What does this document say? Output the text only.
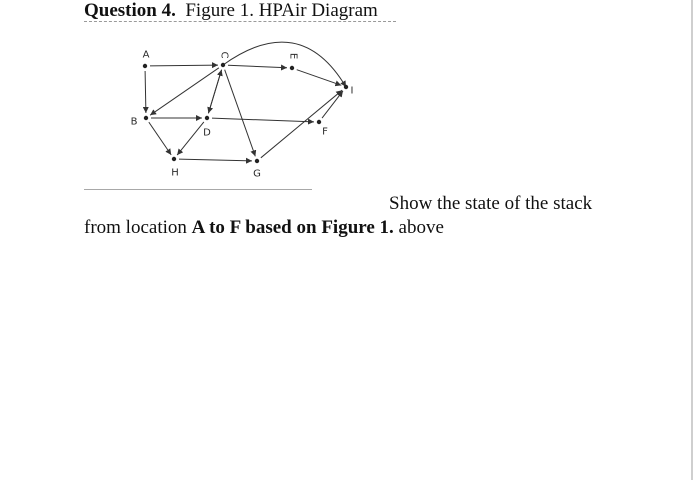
Question 4. Figure 1. HPAir Diagram
A
B
C
D
E
F
G
H
I
Show the state of the stack
from location A to F based on Figure 1. above
